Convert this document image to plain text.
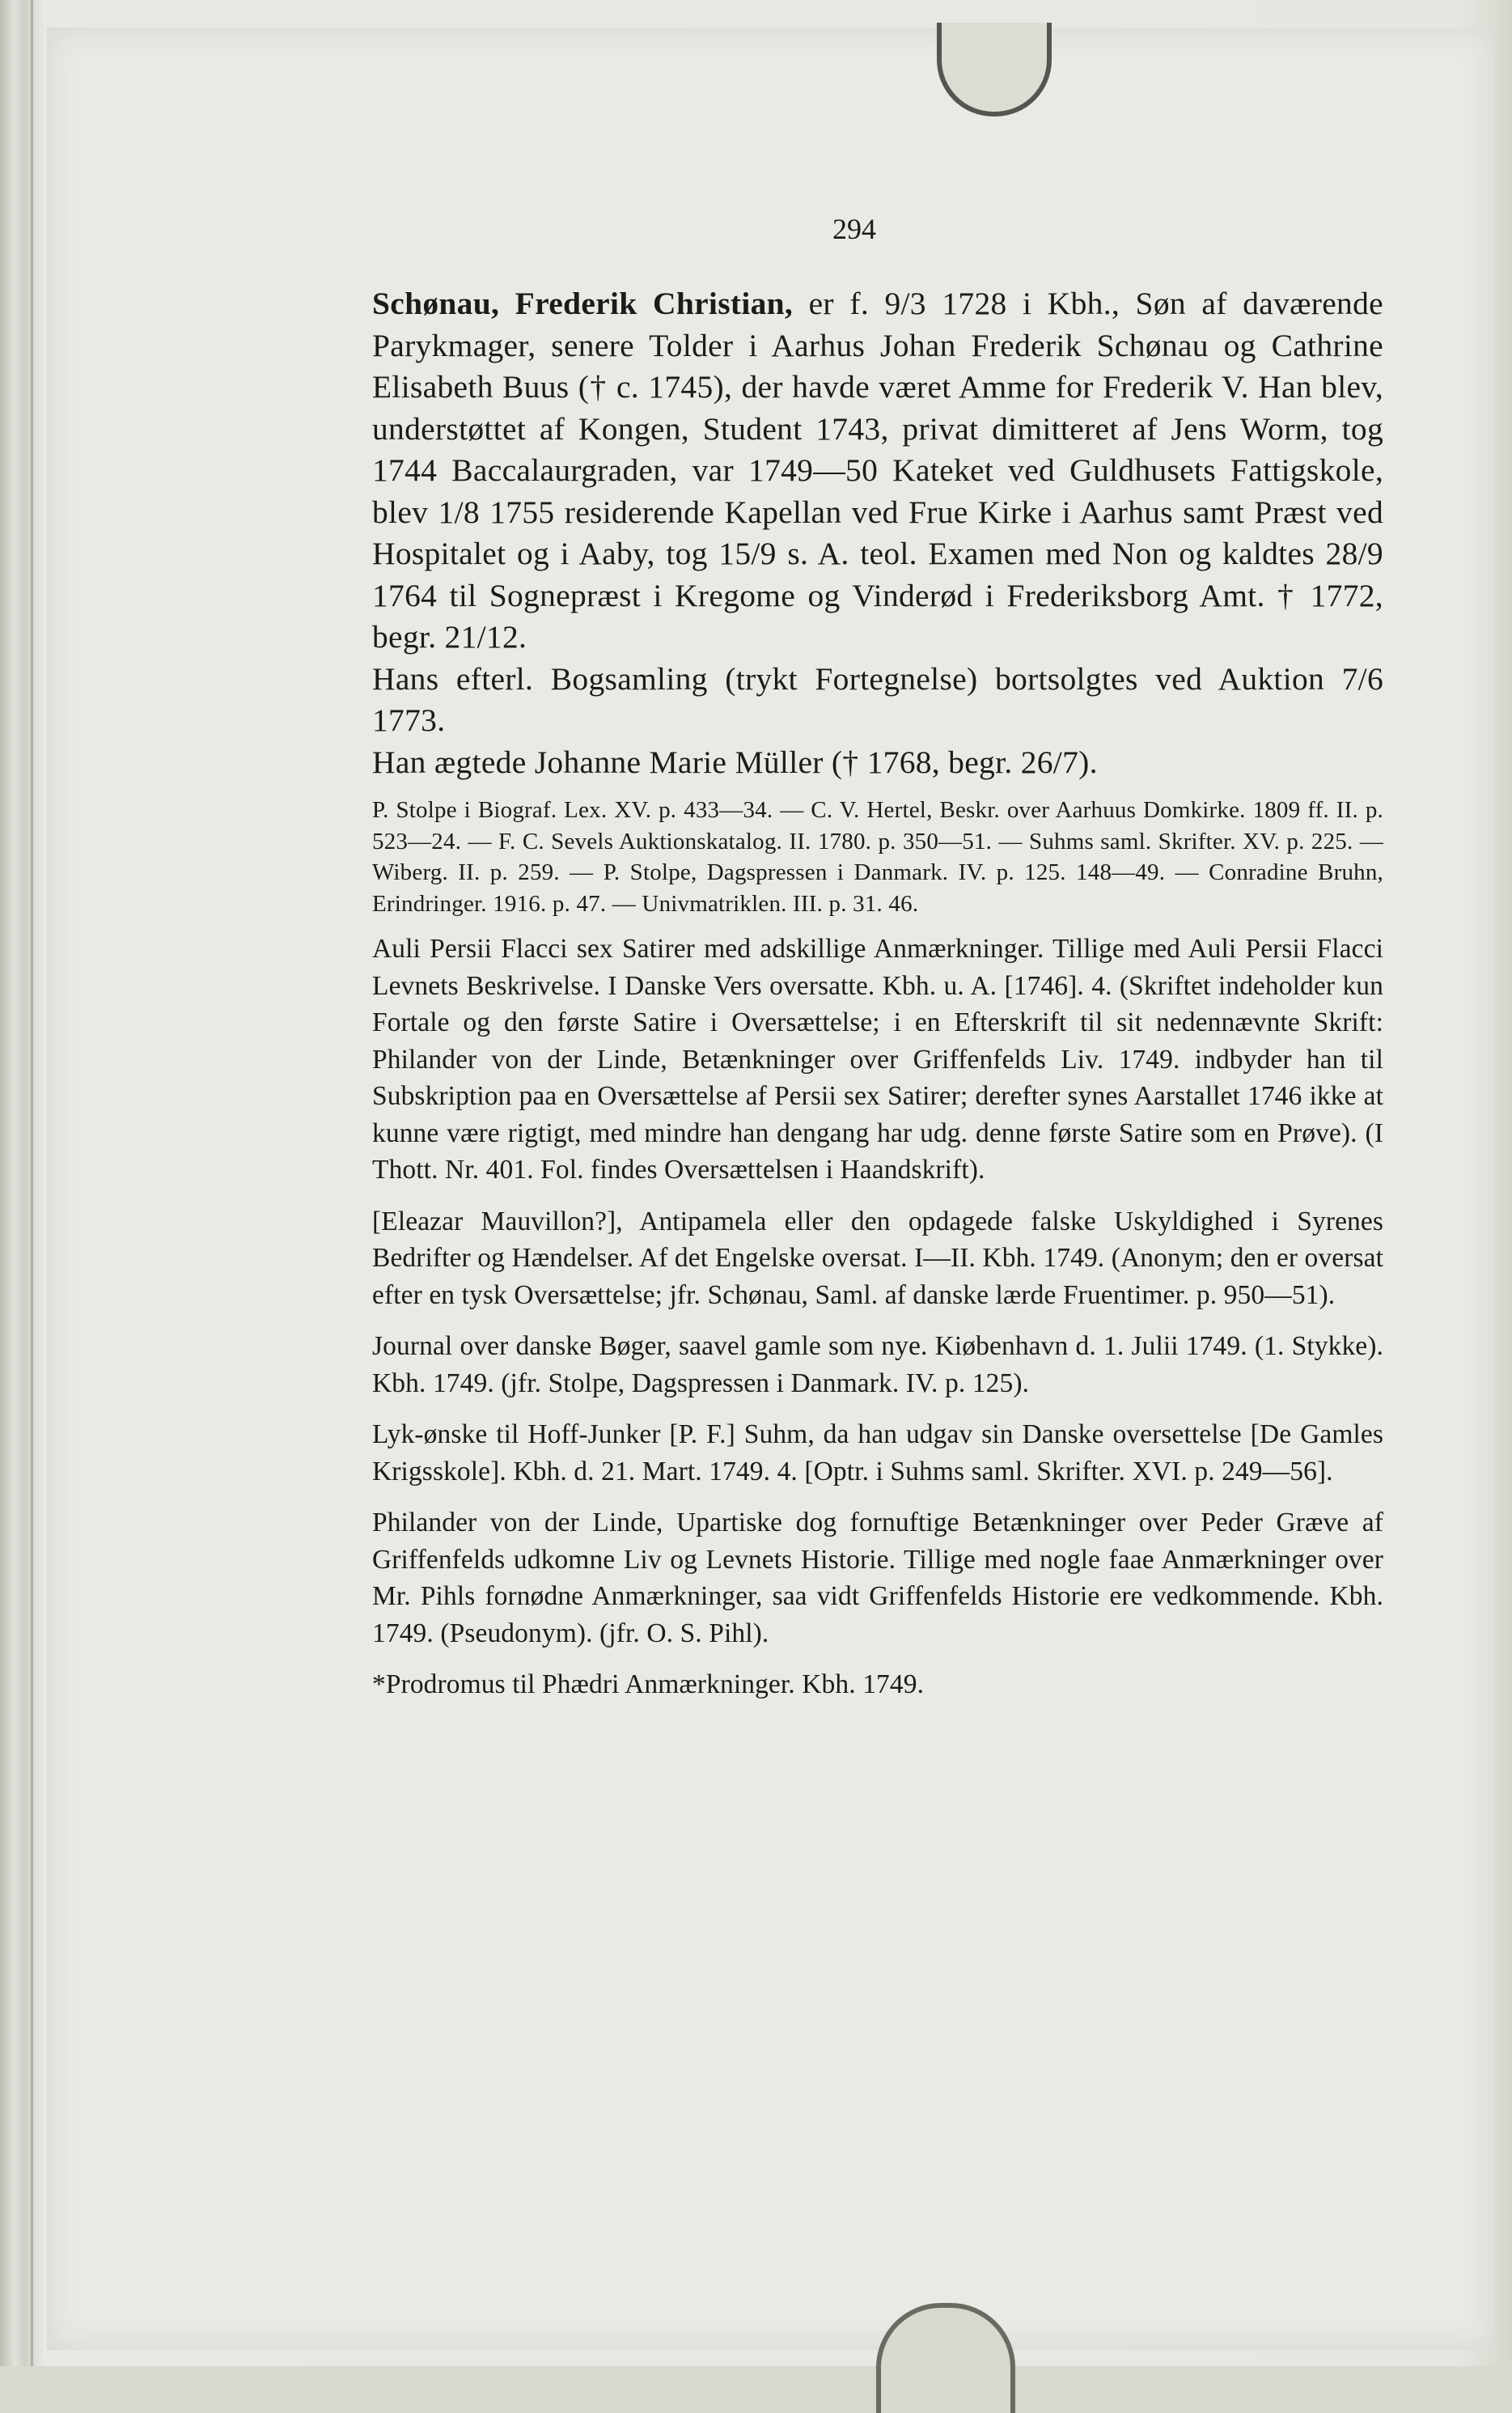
294

Schønau, Frederik Christian, er f. 9/3 1728 i Kbh., Søn af daværende Parykmager, senere Tolder i Aarhus Johan Frederik Schønau og Cathrine Elisabeth Buus († c. 1745), der havde været Amme for Frederik V. Han blev, understøttet af Kongen, Student 1743, privat dimitteret af Jens Worm, tog 1744 Baccalaurgraden, var 1749—50 Kateket ved Guldhusets Fattigskole, blev 1/8 1755 residerende Kapellan ved Frue Kirke i Aarhus samt Præst ved Hospitalet og i Aaby, tog 15/9 s. A. teol. Examen med Non og kaldtes 28/9 1764 til Sognepræst i Kregome og Vinderød i Frederiksborg Amt. † 1772, begr. 21/12.

Hans efterl. Bogsamling (trykt Fortegnelse) bortsolgtes ved Auktion 7/6 1773.

Han ægtede Johanne Marie Müller († 1768, begr. 26/7).

P. Stolpe i Biograf. Lex. XV. p. 433—34. — C. V. Hertel, Beskr. over Aarhuus Domkirke. 1809 ff. II. p. 523—24. — F. C. Sevels Auktionskatalog. II. 1780. p. 350—51. — Suhms saml. Skrifter. XV. p. 225. — Wiberg. II. p. 259. — P. Stolpe, Dagspressen i Danmark. IV. p. 125. 148—49. — Conradine Bruhn, Erindringer. 1916. p. 47. — Univmatriklen. III. p. 31. 46.

Auli Persii Flacci sex Satirer med adskillige Anmærkninger. Tillige med Auli Persii Flacci Levnets Beskrivelse. I Danske Vers oversatte. Kbh. u. A. [1746]. 4. (Skriftet indeholder kun Fortale og den første Satire i Oversættelse; i en Efterskrift til sit nedennævnte Skrift: Philander von der Linde, Betænkninger over Griffenfelds Liv. 1749. indbyder han til Subskription paa en Oversættelse af Persii sex Satirer; derefter synes Aarstallet 1746 ikke at kunne være rigtigt, med mindre han dengang har udg. denne første Satire som en Prøve). (I Thott. Nr. 401. Fol. findes Oversættelsen i Haandskrift).

[Eleazar Mauvillon?], Antipamela eller den opdagede falske Uskyldighed i Syrenes Bedrifter og Hændelser. Af det Engelske oversat. I—II. Kbh. 1749. (Anonym; den er oversat efter en tysk Oversættelse; jfr. Schønau, Saml. af danske lærde Fruentimer. p. 950—51).

Journal over danske Bøger, saavel gamle som nye. Kiøbenhavn d. 1. Julii 1749. (1. Stykke). Kbh. 1749. (jfr. Stolpe, Dagspressen i Danmark. IV. p. 125).

Lyk-ønske til Hoff-Junker [P. F.] Suhm, da han udgav sin Danske oversettelse [De Gamles Krigsskole]. Kbh. d. 21. Mart. 1749. 4. [Optr. i Suhms saml. Skrifter. XVI. p. 249—56].

Philander von der Linde, Upartiske dog fornuftige Betænkninger over Peder Græve af Griffenfelds udkomne Liv og Levnets Historie. Tillige med nogle faae Anmærkninger over Mr. Pihls fornødne Anmærkninger, saa vidt Griffenfelds Historie ere vedkommende. Kbh. 1749. (Pseudonym). (jfr. O. S. Pihl).

*Prodromus til Phædri Anmærkninger. Kbh. 1749.
